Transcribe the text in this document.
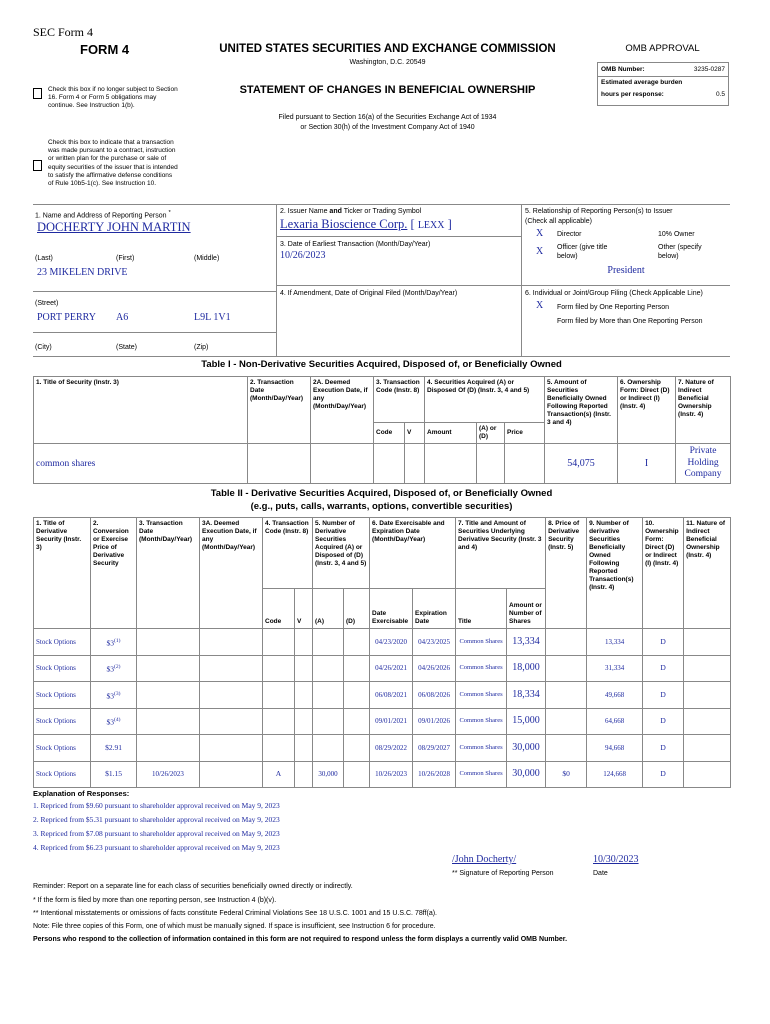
SEC Form 4
FORM 4	UNITED STATES SECURITIES AND EXCHANGE COMMISSION
Washington, D.C. 20549
STATEMENT OF CHANGES IN BENEFICIAL OWNERSHIP
Filed pursuant to Section 16(a) of the Securities Exchange Act of 1934
or Section 30(h) of the Investment Company Act of 1940
Check this box if no longer subject to Section 16. Form 4 or Form 5 obligations may continue. See Instruction 1(b).
Check this box to indicate that a transaction was made pursuant to a contract, instruction or written plan for the purchase or sale of equity securities of the issuer that is intended to satisfy the affirmative defense conditions of Rule 10b5-1(c). See Instruction 10.
OMB APPROVAL
OMB Number:	3235-0287
Estimated average burden
hours per response:	0.5
1. Name and Address of Reporting Person *
DOCHERTY JOHN MARTIN
(Last)	(First)	(Middle)
23 MIKELEN DRIVE
(Street)
PORT PERRY A6	L9L 1V1
(City)	(State)	(Zip)
2. Issuer Name and Ticker or Trading Symbol
Lexaria Bioscience Corp. [ LEXX ]
3. Date of Earliest Transaction (Month/Day/Year)
10/26/2023
4. If Amendment, Date of Original Filed (Month/Day/Year)
5. Relationship of Reporting Person(s) to Issuer
(Check all applicable)
X Director	10% Owner
X Officer (give title below)
Other (specify below)
President
6. Individual or Joint/Group Filing (Check Applicable Line)
X Form filed by One Reporting Person
Form filed by More than One Reporting Person
Table I - Non-Derivative Securities Acquired, Disposed of, or Beneficially Owned
1. Title of Security (Instr. 3)	2. Transaction Date (Month/Day/Year)	2A. Deemed Execution Date, if any (Month/Day/Year)	3. Transaction Code (Instr. 8)		4. Securities Acquired (A) or Disposed Of (D) (Instr. 3, 4 and 5)			5. Amount of Securities Beneficially Owned Following Reported Transaction(s) (Instr. 3 and 4)	6. Ownership Form: Direct (D) or Indirect (I) (Instr. 4)	7. Nature of Indirect Beneficial Ownership (Instr. 4)
			Code	V	Amount	(A) or (D)	Price			
common shares								54,075	I	Private Holding Company
Table II - Derivative Securities Acquired, Disposed of, or Beneficially Owned
(e.g., puts, calls, warrants, options, convertible securities)
1. Title of Derivative Security (Instr. 3)	2. Conversion or Exercise Price of Derivative Security	3. Transaction Date (Month/Day/Year)	3A. Deemed Execution Date, if any (Month/Day/Year)	4. Transaction Code (Instr. 8)		5. Number of Derivative Securities Acquired (A) or Disposed of (D) (Instr. 3, 4 and 5)		6. Date Exercisable and Expiration Date (Month/Day/Year)		7. Title and Amount of Securities Underlying Derivative Security (Instr. 3 and 4)		8. Price of Derivative Security (Instr. 5)	9. Number of derivative Securities Beneficially Owned Following Reported Transaction(s) (Instr. 4)	10. Ownership Form: Direct (D) or Indirect (I) (Instr. 4)	11. Nature of Indirect Beneficial Ownership (Instr. 4)
				Code	V	(A)	(D)	Date Exercisable	Expiration Date	Title	Amount or Number of Shares				
Stock Options	$3$^{(1)}$							04/23/2020	04/23/2025	Common Shares	13,334		13,334	D	
Stock Options	$3$^{(2)}$							04/26/2021	04/26/2026	Common Shares	18,000		31,334	D	
Stock Options	$3$^{(3)}$							06/08/2021	06/08/2026	Common Shares	18,334		49,668	D	
Stock Options	$3$^{(4)}$							09/01/2021	09/01/2026	Common Shares	15,000		64,668	D	
Stock Options	$2.91							08/29/2022	08/29/2027	Common Shares	30,000		94,668	D	
Stock Options	$1.15	10/26/2023		A		30,000		10/26/2023	10/26/2028	Common Shares	30,000	$0	124,668	D	
Explanation of Responses:
1. Repriced from $9.60 pursuant to shareholder approval received on May 9, 2023
2. Repriced from $5.31 pursuant to shareholder approval received on May 9, 2023
3. Repriced from $7.08 pursuant to shareholder approval received on May 9, 2023
4. Repriced from $6.23 pursuant to shareholder approval received on May 9, 2023
/John Docherty/	10/30/2023
** Signature of Reporting Person	Date
Reminder: Report on a separate line for each class of securities beneficially owned directly or indirectly.
* If the form is filed by more than one reporting person, see Instruction 4 (b)(v).
** Intentional misstatements or omissions of facts constitute Federal Criminal Violations See 18 U.S.C. 1001 and 15 U.S.C. 78ff(a).
Note: File three copies of this Form, one of which must be manually signed. If space is insufficient, see Instruction 6 for procedure.
Persons who respond to the collection of information contained in this form are not required to respond unless the form displays a currently valid OMB Number.
